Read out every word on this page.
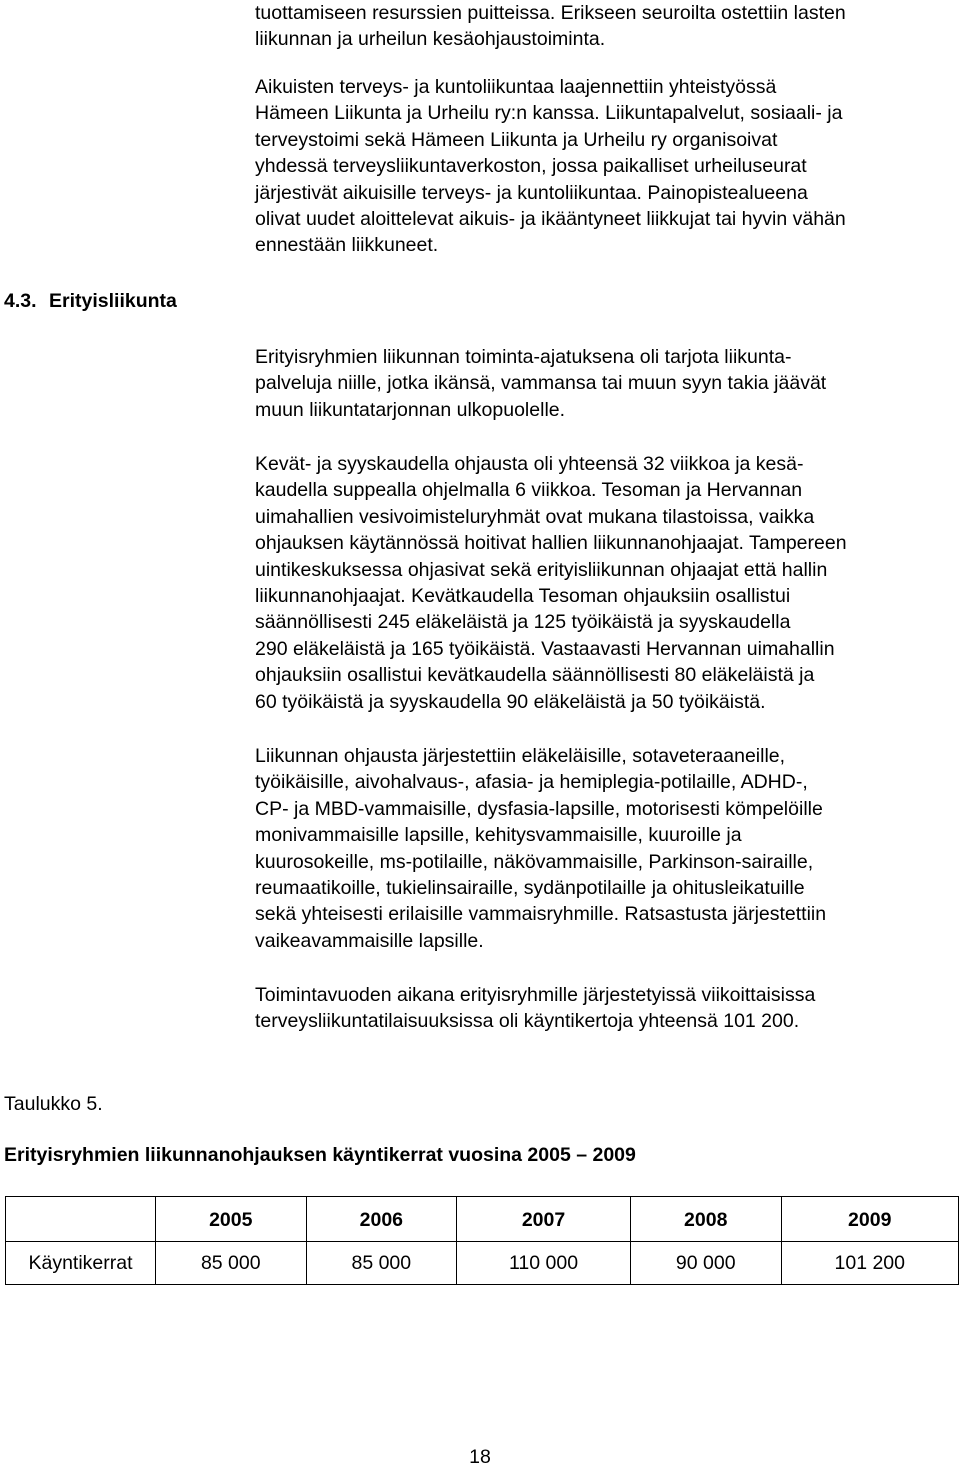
tuottamiseen resurssien puitteissa. Erikseen seuroilta ostettiin lasten
liikunnan ja urheilun kesäohjaustoiminta.
Aikuisten terveys- ja kuntoliikuntaa laajennettiin yhteistyössä
Hämeen Liikunta ja Urheilu ry:n kanssa. Liikuntapalvelut, sosiaali- ja
terveystoimi sekä Hämeen Liikunta ja Urheilu ry organisoivat
yhdessä terveysliikuntaverkoston, jossa paikalliset urheiluseurat
järjestivät aikuisille terveys- ja kuntoliikuntaa. Painopistealueena
olivat uudet aloittelevat aikuis- ja ikääntyneet liikkujat tai hyvin vähän
ennestään liikkuneet.
4.3. Erityisliikunta
Erityisryhmien liikunnan toiminta-ajatuksena oli tarjota liikunta-
palveluja niille, jotka ikänsä, vammansa tai muun syyn takia jäävät
muun liikuntatarjonnan ulkopuolelle.
Kevät- ja syyskaudella ohjausta oli yhteensä 32 viikkoa ja kesä-
kaudella suppealla ohjelmalla 6 viikkoa. Tesoman ja Hervannan
uimahallien vesivoimisteluryhmät ovat mukana tilastoissa, vaikka
ohjauksen käytännössä hoitivat hallien liikunnanohjaajat. Tampereen
uintikeskuksessa ohjasivat sekä erityisliikunnan ohjaajat että hallin
liikunnanohjaajat. Kevätkaudella Tesoman ohjauksiin osallistui
säännöllisesti 245 eläkeläistä ja 125 työikäistä ja syyskaudella
290 eläkeläistä ja 165 työikäistä. Vastaavasti Hervannan uimahallin
ohjauksiin osallistui kevätkaudella säännöllisesti 80 eläkeläistä ja
60 työikäistä ja syyskaudella 90 eläkeläistä ja 50 työikäistä.
Liikunnan ohjausta järjestettiin eläkeläisille, sotaveteraaneille,
työikäisille, aivohalvaus-, afasia- ja hemiplegia-potilaille, ADHD-,
CP- ja MBD-vammaisille, dysfasia-lapsille, motorisesti kömpelöille
monivammaisille lapsille, kehitysvammaisille, kuuroille ja
kuurosokeille, ms-potilaille, näkövammaisille, Parkinson-sairaille,
reumaatikoille, tukielinsairaille, sydänpotilaille ja ohitusleikatuille
sekä yhteisesti erilaisille vammaisryhmille. Ratsastusta järjestettiin
vaikeavammaisille lapsille.
Toimintavuoden aikana erityisryhmille järjestetyissä viikoittaisissa
terveysliikuntatilaisuuksissa oli käyntikertoja yhteensä 101 200.
Taulukko 5.
Erityisryhmien liikunnanohjauksen käyntikerrat vuosina 2005 – 2009
	2005	2006	2007	2008	2009
Käyntikerrat	85 000	85 000	110 000	90 000	101 200
18
